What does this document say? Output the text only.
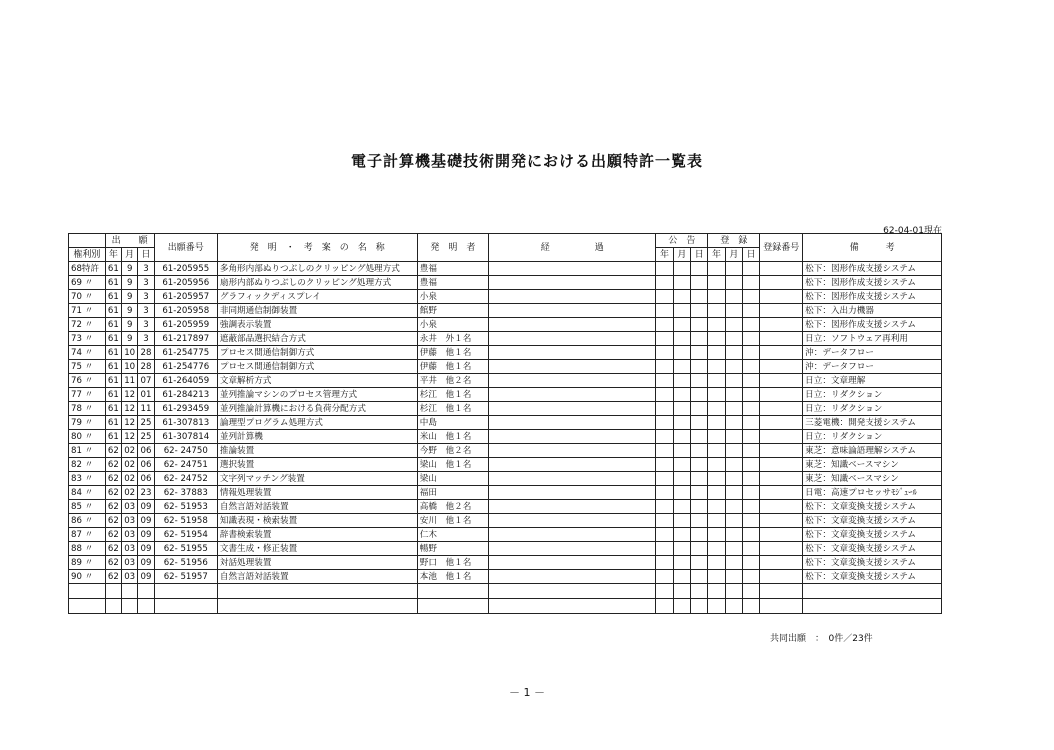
電子計算機基礎技術開発における出願特許一覧表
62-04-01現在
	出　　願			出願番号	発　明　・　考　案　の　名　称	発　明　者	経　　　　　過	公　告			登　録			登録番号	備　　　考
権利別	年	月	日					年	月	日	年	月	日		
68特許	61	9	3	61-205955	多角形内部ぬりつぶしのクリッピング処理方式	豊福									松下：図形作成支援システム
69 〃	61	9	3	61-205956	扇形内部ぬりつぶしのクリッピング処理方式	豊福									松下：図形作成支援システム
70 〃	61	9	3	61-205957	グラフィックディスプレイ	小泉									松下：図形作成支援システム
71 〃	61	9	3	61-205958	非同期通信制御装置	館野									松下：入出力機器
72 〃	61	9	3	61-205959	強調表示装置	小泉									松下：図形作成支援システム
73 〃	61	9	3	61-217897	遮蔽部品選択結合方式	永井　外１名									日立：ソフトウェア再利用
74 〃	61	10	28	61-254775	プロセス間通信制御方式	伊藤　他１名									沖：データフロー
75 〃	61	10	28	61-254776	プロセス間通信制御方式	伊藤　他１名									沖：データフロー
76 〃	61	11	07	61-264059	文章解析方式	平井　他２名									日立：文章理解
77 〃	61	12	01	61-284213	並列推論マシンのプロセス管理方式	杉江　他１名									日立：リダクション
78 〃	61	12	11	61-293459	並列推論計算機における負荷分配方式	杉江　他１名									日立：リダクション
79 〃	61	12	25	61-307813	論理型プログラム処理方式	中島									三菱電機：開発支援システム
80 〃	61	12	25	61-307814	並列計算機	米山　他１名									日立：リダクション
81 〃	62	02	06	62- 24750	推論装置	今野　他２名									東芝：意味論語理解システム
82 〃	62	02	06	62- 24751	選択装置	梁山　他１名									東芝：知識ベースマシン
83 〃	62	02	06	62- 24752	文字列マッチング装置	梁山									東芝：知識ベースマシン
84 〃	62	02	23	62- 37883	情報処理装置	福田									日電：高速プロセッサﾓｼﾞｭｰﾙ
85 〃	62	03	09	62- 51953	自然言語対話装置	高橋　他２名									松下：文章変換支援システム
86 〃	62	03	09	62- 51958	知識表現・検索装置	安川　他１名									松下：文章変換支援システム
87 〃	62	03	09	62- 51954	辞書検索装置	仁木									松下：文章変換支援システム
88 〃	62	03	09	62- 51955	文書生成・修正装置	暢野									松下：文章変換支援システム
89 〃	62	03	09	62- 51956	対話処理装置	野口　他１名									松下：文章変換支援システム
90 〃	62	03	09	62- 51957	自然言語対話装置	本池　他１名									松下：文章変換支援システム

共同出願　：　0件／23件
－ 1 －
